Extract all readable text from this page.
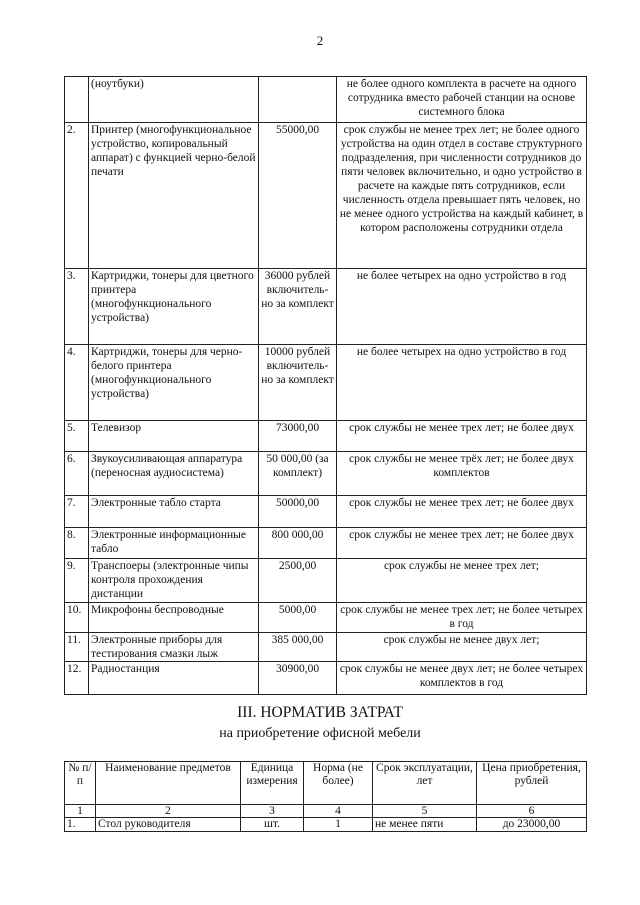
2
	(ноутбуки)		не более одного комплекта в расчете на одного сотрудника вместо рабочей станции на основе системного блока
2.	Принтер (многофункциональное устройство, копировальный аппарат) с функцией черно-белой печати	55000,00	срок службы не менее трех лет; не более одного устройства на один отдел в составе структурного подразделения, при численности сотрудников до пяти человек включительно, и одно устройство в расчете на каждые пять сотрудников, если численность отдела превышает пять человек, но не менее одного устройства на каждый кабинет, в котором расположены сотрудники отдела
3.	Картриджи, тонеры для цветного принтера (многофункционального устройства)	36000 рублей включитель-но за комплект	не более четырех на одно устройство в год
4.	Картриджи, тонеры для черно-белого принтера (многофункционального устройства)	10000 рублей включитель-но за комплект	не более четырех на одно устройство в год
5.	Телевизор	73000,00	срок службы не менее трех лет; не более двух
6.	Звукоусиливающая аппаратура (переносная аудиосистема)	50 000,00 (за комплект)	срок службы не менее трёх лет; не более двух комплектов
7.	Электронные табло старта	50000,00	срок службы не менее трех лет; не более двух
8.	Электронные информационные табло	800 000,00	срок службы не менее трех лет; не более двух
9.	Транспоеры (электронные чипы контроля прохождения дистанции	2500,00	срок службы не менее трех лет;
10.	Микрофоны беспроводные	5000,00	срок службы не менее трех лет; не более четырех в год
11.	Электронные приборы для тестирования смазки лыж	385 000,00	срок службы не менее двух лет;
12.	Радиостанция	30900,00	срок службы не менее двух лет; не более четырех комплектов в год
III. НОРМАТИВ ЗАТРАТ
на приобретение офисной мебели
№ п/п	Наименование предметов	Единица измерения	Норма (не более)	Срок эксплуатации, лет	Цена приобретения, рублей
1	2	3	4	5	6
1.	Стол руководителя	шт.	1	не менее пяти	до 23000,00
